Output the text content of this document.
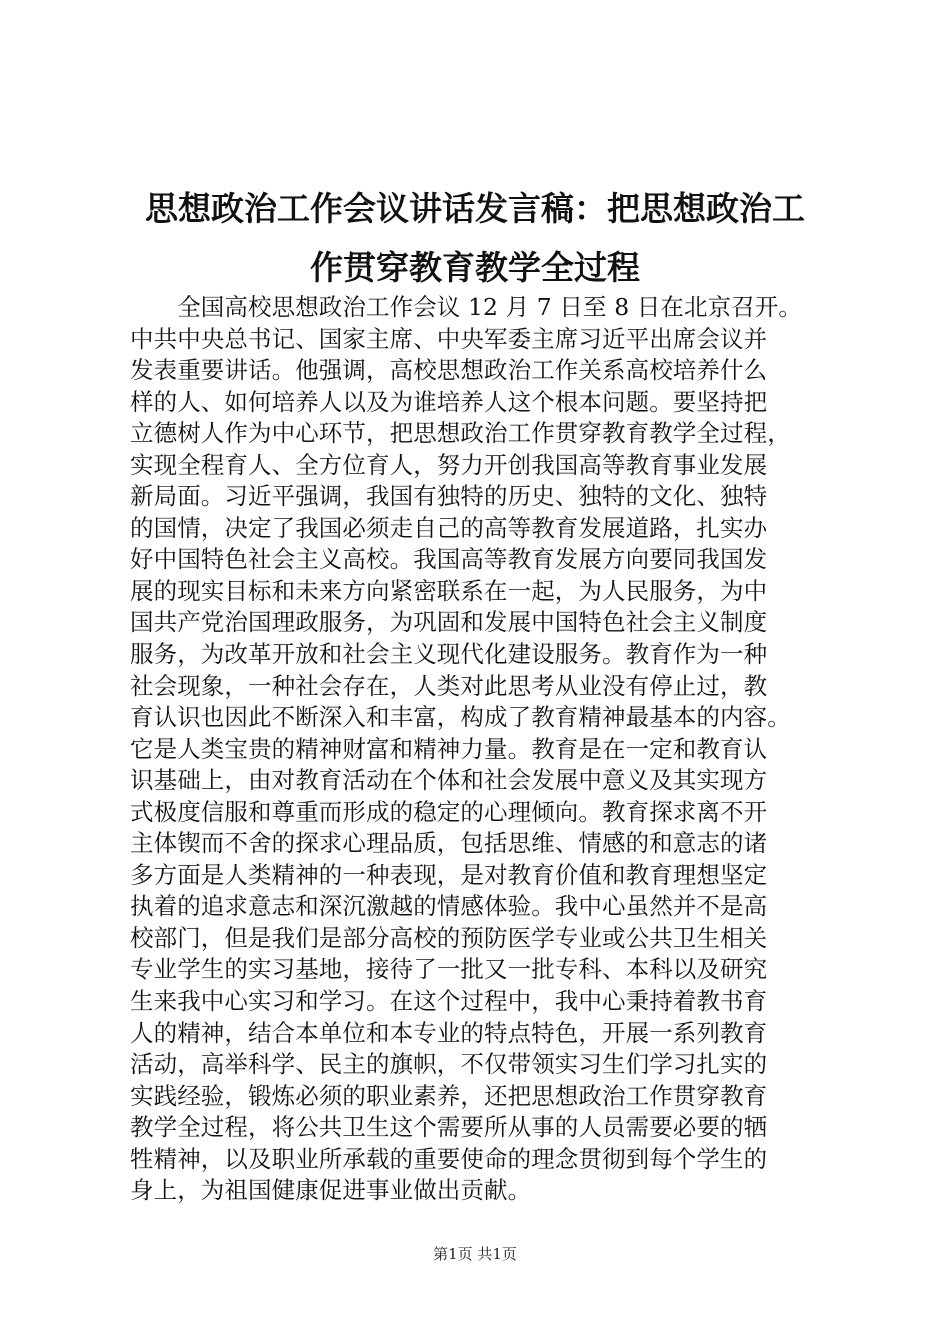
思想政治工作会议讲话发言稿：把思想政治工
作贯穿教育教学全过程
　　全国高校思想政治工作会议 12 月 7 日至 8 日在北京召开。
中共中央总书记、国家主席、中央军委主席习近平出席会议并
发表重要讲话。他强调，高校思想政治工作关系高校培养什么
样的人、如何培养人以及为谁培养人这个根本问题。要坚持把
立德树人作为中心环节，把思想政治工作贯穿教育教学全过程，
实现全程育人、全方位育人，努力开创我国高等教育事业发展
新局面。习近平强调，我国有独特的历史、独特的文化、独特
的国情，决定了我国必须走自己的高等教育发展道路，扎实办
好中国特色社会主义高校。我国高等教育发展方向要同我国发
展的现实目标和未来方向紧密联系在一起，为人民服务，为中
国共产党治国理政服务，为巩固和发展中国特色社会主义制度
服务，为改革开放和社会主义现代化建设服务。教育作为一种
社会现象，一种社会存在，人类对此思考从业没有停止过，教
育认识也因此不断深入和丰富，构成了教育精神最基本的内容。
它是人类宝贵的精神财富和精神力量。教育是在一定和教育认
识基础上，由对教育活动在个体和社会发展中意义及其实现方
式极度信服和尊重而形成的稳定的心理倾向。教育探求离不开
主体锲而不舍的探求心理品质，包括思维、情感的和意志的诸
多方面是人类精神的一种表现，是对教育价值和教育理想坚定
执着的追求意志和深沉激越的情感体验。我中心虽然并不是高
校部门，但是我们是部分高校的预防医学专业或公共卫生相关
专业学生的实习基地，接待了一批又一批专科、本科以及研究
生来我中心实习和学习。在这个过程中，我中心秉持着教书育
人的精神，结合本单位和本专业的特点特色，开展一系列教育
活动，高举科学、民主的旗帜，不仅带领实习生们学习扎实的
实践经验，锻炼必须的职业素养，还把思想政治工作贯穿教育
教学全过程，将公共卫生这个需要所从事的人员需要必要的牺
牲精神，以及职业所承载的重要使命的理念贯彻到每个学生的
身上，为祖国健康促进事业做出贡献。
第1页 共1页
